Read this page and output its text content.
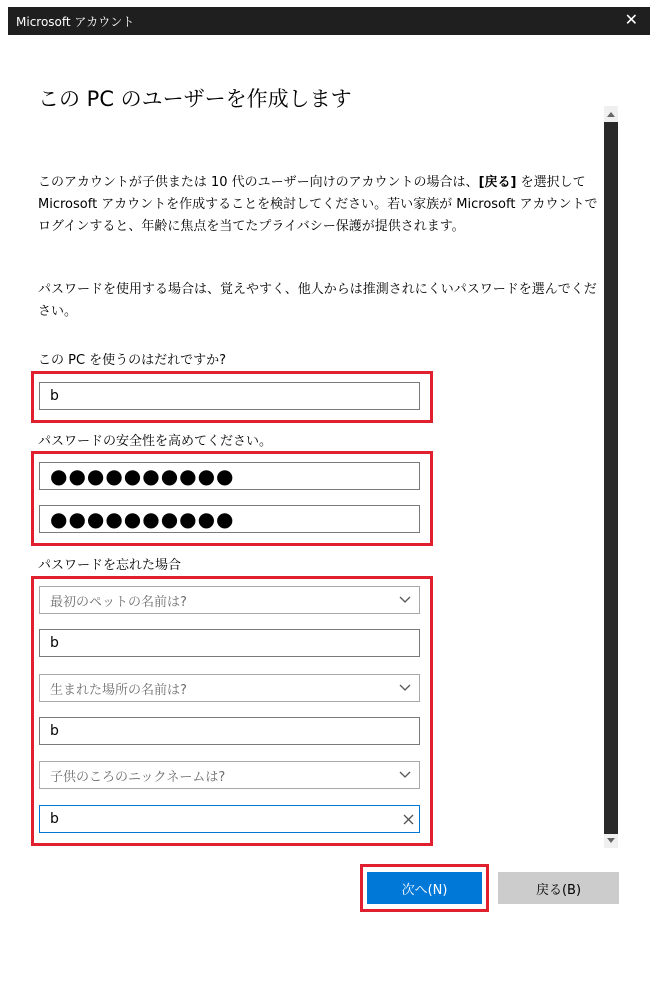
Microsoft アカウント	✕
この PC のユーザーを作成します

このアカウントが子供または 10 代のユーザー向けのアカウントの場合は、[戻る] を選択して Microsoft アカウントを作成することを検討してください。若い家族が Microsoft アカウントでログインすると、年齢に焦点を当てたプライバシー保護が提供されます。

パスワードを使用する場合は、覚えやすく、他人からは推測されにくいパスワードを選んでください。

この PC を使うのはだれですか?
b
パスワードの安全性を高めてください。
●●●●●●●●●●
●●●●●●●●●●
パスワードを忘れた場合
最初のペットの名前は?
b
生まれた場所の名前は?
b
子供のころのニックネームは?
b
次へ(N)	戻る(B)
